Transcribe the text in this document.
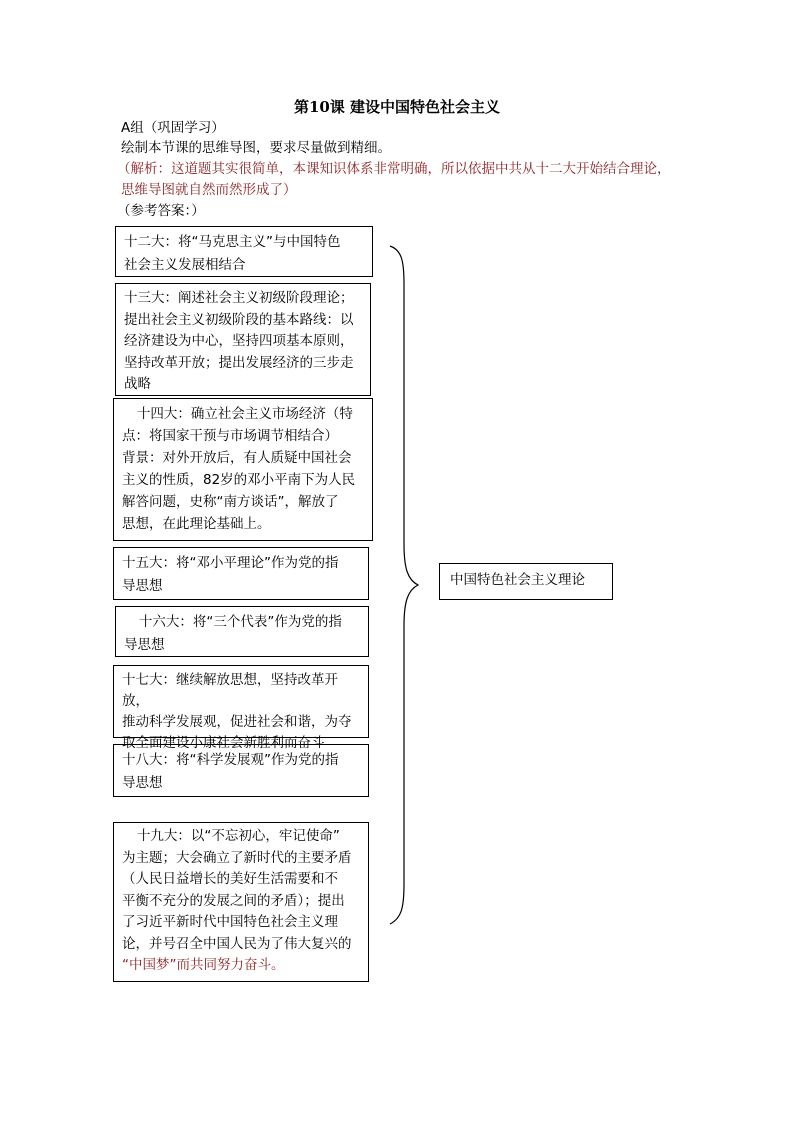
第10课 建设中国特色社会主义
A组（巩固学习）
绘制本节课的思维导图，要求尽量做到精细。
（解析：这道题其实很简单，本课知识体系非常明确，所以依据中共从十二大开始结合理论，
思维导图就自然而然形成了）
（参考答案：）

十二大：将“马克思主义”与中国特色

社会主义发展相结合

十三大：阐述社会主义初级阶段理论；

提出社会主义初级阶段的基本路线：以

经济建设为中心，坚持四项基本原则，

坚持改革开放；提出发展经济的三步走

战略

十四大：确立社会主义市场经济（特

点：将国家干预与市场调节相结合）

背景：对外开放后，有人质疑中国社会

主义的性质，82岁的邓小平南下为人民

解答问题，史称“南方谈话”，解放了

思想，在此理论基础上。

十五大：将“邓小平理论”作为党的指

导思想

十六大：将“三个代表”作为党的指

导思想

十七大：继续解放思想，坚持改革开放，

推动科学发展观，促进社会和谐，为夺

取全面建设小康社会新胜利而奋斗

十八大：将“科学发展观”作为党的指

导思想

十九大：以“不忘初心，牢记使命”

为主题；大会确立了新时代的主要矛盾

（人民日益增长的美好生活需要和不

平衡不充分的发展之间的矛盾）；提出

了习近平新时代中国特色社会主义理

论，并号召全中国人民为了伟大复兴的

“中国梦”而共同努力奋斗。

中国特色社会主义理论
